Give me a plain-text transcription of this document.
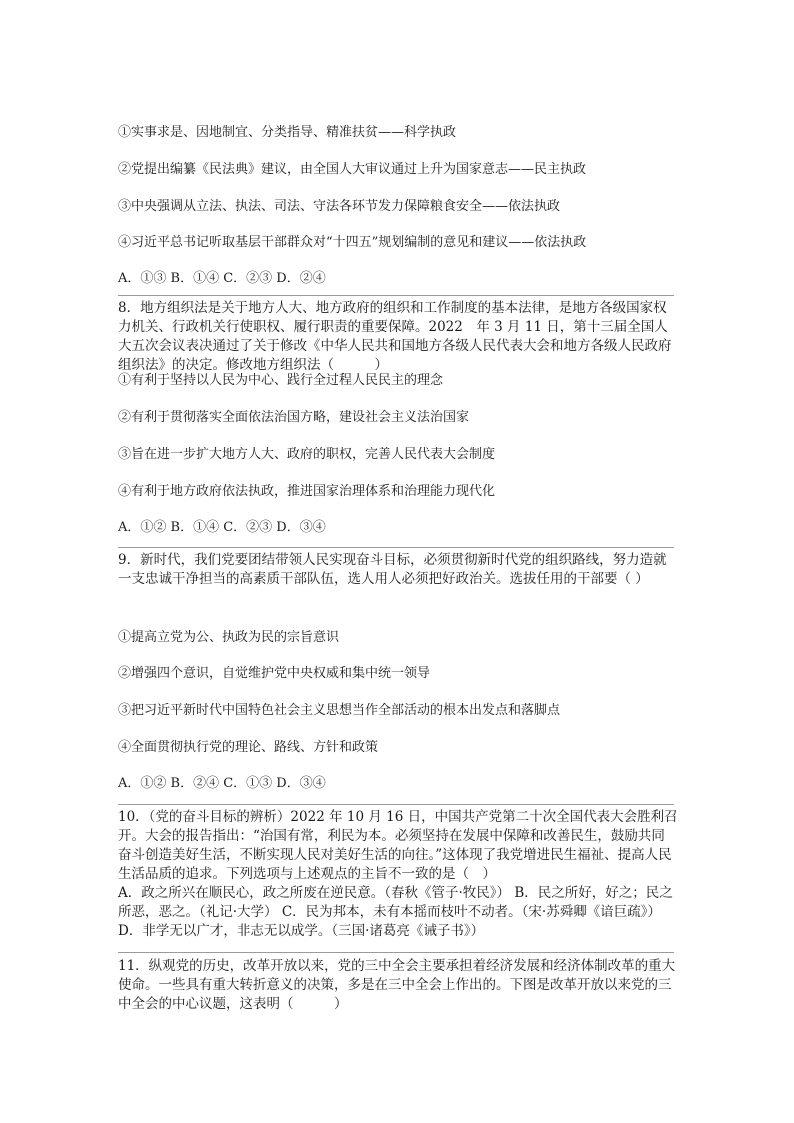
①实事求是、因地制宜、分类指导、精准扶贫——科学执政
②党提出编纂《民法典》建议，由全国人大审议通过上升为国家意志——民主执政
③中央强调从立法、执法、司法、守法各环节发力保障粮食安全——依法执政
④习近平总书记听取基层干部群众对“十四五”规划编制的意见和建议——依法执政
A．①③ B．①④ C．②③ D．②④
8．地方组织法是关于地方人大、地方政府的组织和工作制度的基本法律，是地方各级国家权力机关、行政机关行使职权、履行职责的重要保障。2022　年 3 月 11 日，第十三届全国人大五次会议表决通过了关于修改《中华人民共和国地方各级人民代表大会和地方各级人民政府组织法》的决定。修改地方组织法（　　　）
①有利于坚持以人民为中心、践行全过程人民民主的理念
②有利于贯彻落实全面依法治国方略，建设社会主义法治国家
③旨在进一步扩大地方人大、政府的职权，完善人民代表大会制度
④有利于地方政府依法执政，推进国家治理体系和治理能力现代化
A．①② B．①④ C．②③ D．③④
9．新时代，我们党要团结带领人民实现奋斗目标，必须贯彻新时代党的组织路线，努力造就一支忠诚干净担当的高素质干部队伍，选人用人必须把好政治关。选拔任用的干部要（ ）
①提高立党为公、执政为民的宗旨意识
②增强四个意识，自觉维护党中央权威和集中统一领导
③把习近平新时代中国特色社会主义思想当作全部活动的根本出发点和落脚点
④全面贯彻执行党的理论、路线、方针和政策
A．①② B．②④ C．①③ D．③④
10．（党的奋斗目标的辨析）2022 年 10 月 16 日，中国共产党第二十次全国代表大会胜利召开。大会的报告指出：“治国有常，利民为本。必须坚持在发展中保障和改善民生，鼓励共同奋斗创造美好生活，不断实现人民对美好生活的向往。”这体现了我党增进民生福祉、提高人民生活品质的追求。下列选项与上述观点的主旨不一致的是（　）
A．政之所兴在顺民心，政之所废在逆民意。（春秋《管子·牧民》） B．民之所好，好之；民之所恶，恶之。（礼记·大学） C．民为邦本，未有本摇而枝叶不动者。（宋·苏舜卿《谙巨疏》） D．非学无以广才，非志无以成学。（三国·诸葛亮《诫子书》）
11．纵观党的历史，改革开放以来，党的三中全会主要承担着经济发展和经济体制改革的重大使命。一些具有重大转折意义的决策，多是在三中全会上作出的。下图是改革开放以来党的三中全会的中心议题，这表明（　　　）
